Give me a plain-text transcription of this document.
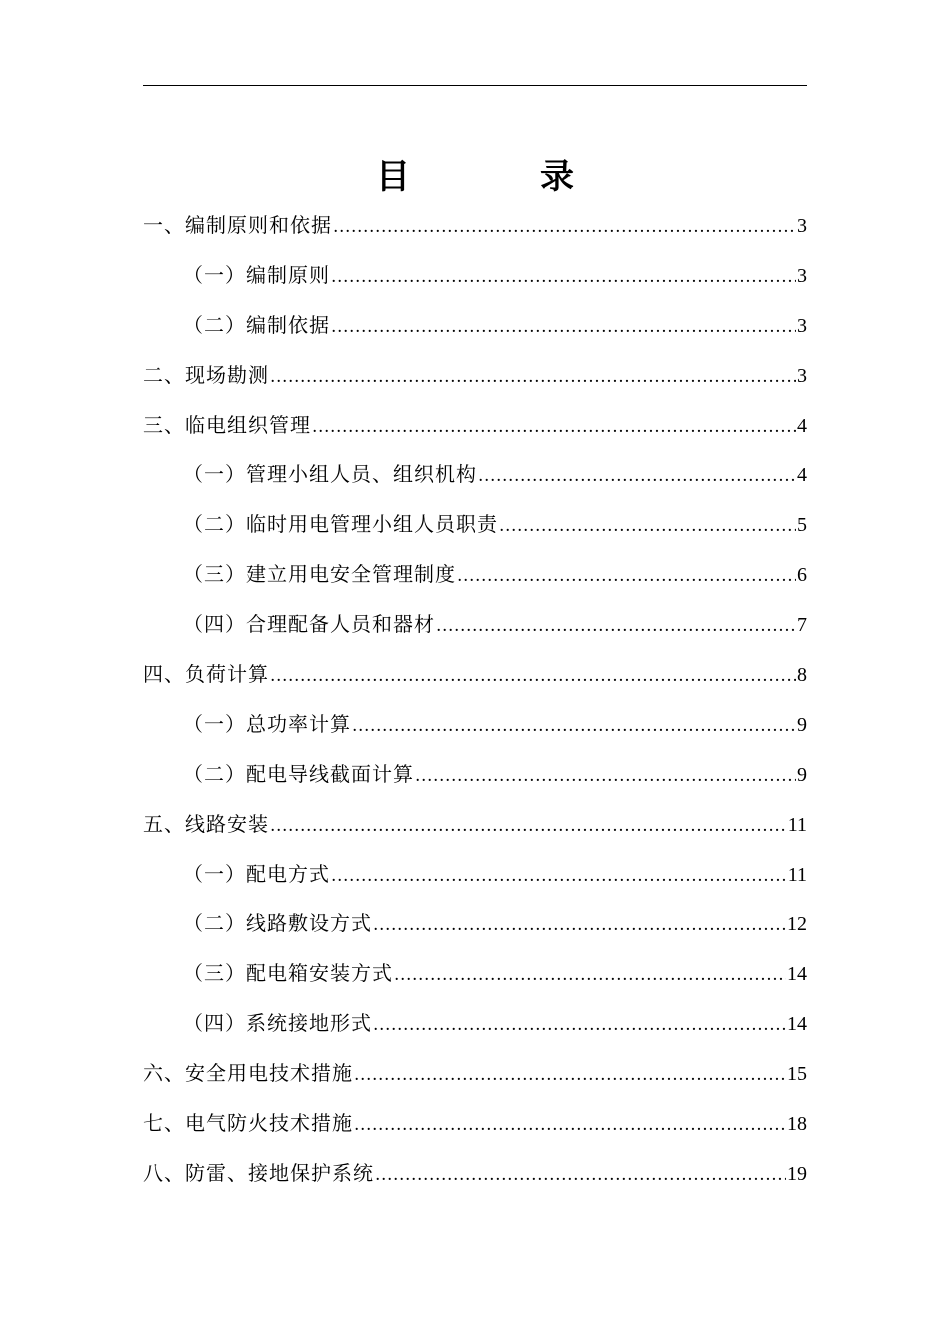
目　录
一、编制原则和依据 .....	3
（一）编制原则 .....	3
（二）编制依据 .....	3
二、现场勘测 .....	3
三、临电组织管理 .....	4
（一）管理小组人员、组织机构 .....	4
（二）临时用电管理小组人员职责 .....	5
（三）建立用电安全管理制度 .....	6
（四）合理配备人员和器材 .....	7
四、负荷计算 .....	8
（一）总功率计算 .....	9
（二）配电导线截面计算 .....	9
五、线路安装 .....	11
（一）配电方式 .....	11
（二）线路敷设方式 .....	12
（三）配电箱安装方式 .....	14
（四）系统接地形式 .....	14
六、安全用电技术措施 .....	15
七、电气防火技术措施 .....	18
八、防雷、接地保护系统 .....	19
